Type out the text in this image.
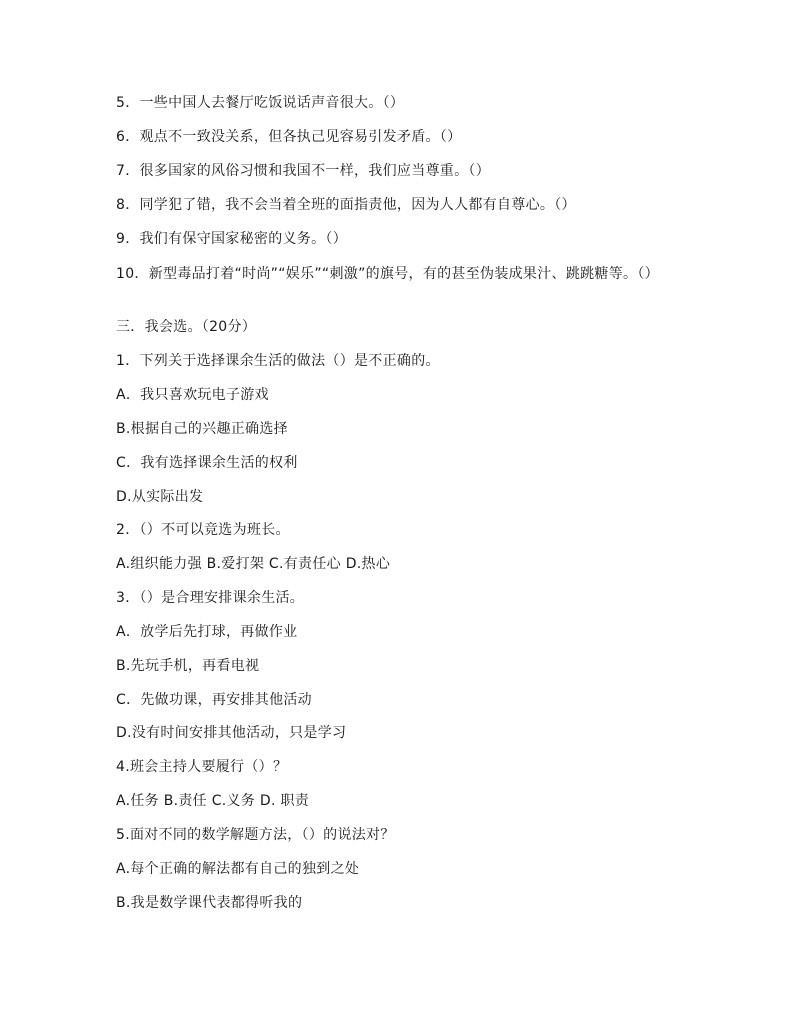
5．一些中国人去餐厅吃饭说话声音很大。（）
6．观点不一致没关系，但各执己见容易引发矛盾。（）
7．很多国家的风俗习惯和我国不一样，我们应当尊重。（）
8．同学犯了错，我不会当着全班的面指责他，因为人人都有自尊心。（）
9．我们有保守国家秘密的义务。（）
10．新型毒品打着“时尚”“娱乐”“刺激”的旗号，有的甚至伪装成果汁、跳跳糖等。（）
三．我会选。（20分）
1．下列关于选择课余生活的做法（）是不正确的。
A．我只喜欢玩电子游戏
B.根据自己的兴趣正确选择
C．我有选择课余生活的权利
D.从实际出发
2．（）不可以竞选为班长。
A.组织能力强 B.爱打架 C.有责任心 D.热心
3．（）是合理安排课余生活。
A．放学后先打球，再做作业
B.先玩手机，再看电视
C．先做功课，再安排其他活动
D.没有时间安排其他活动，只是学习
4.班会主持人要履行（）？
A.任务 B.责任 C.义务 D. 职责
5.面对不同的数学解题方法，（）的说法对？
A.每个正确的解法都有自己的独到之处
B.我是数学课代表都得听我的
